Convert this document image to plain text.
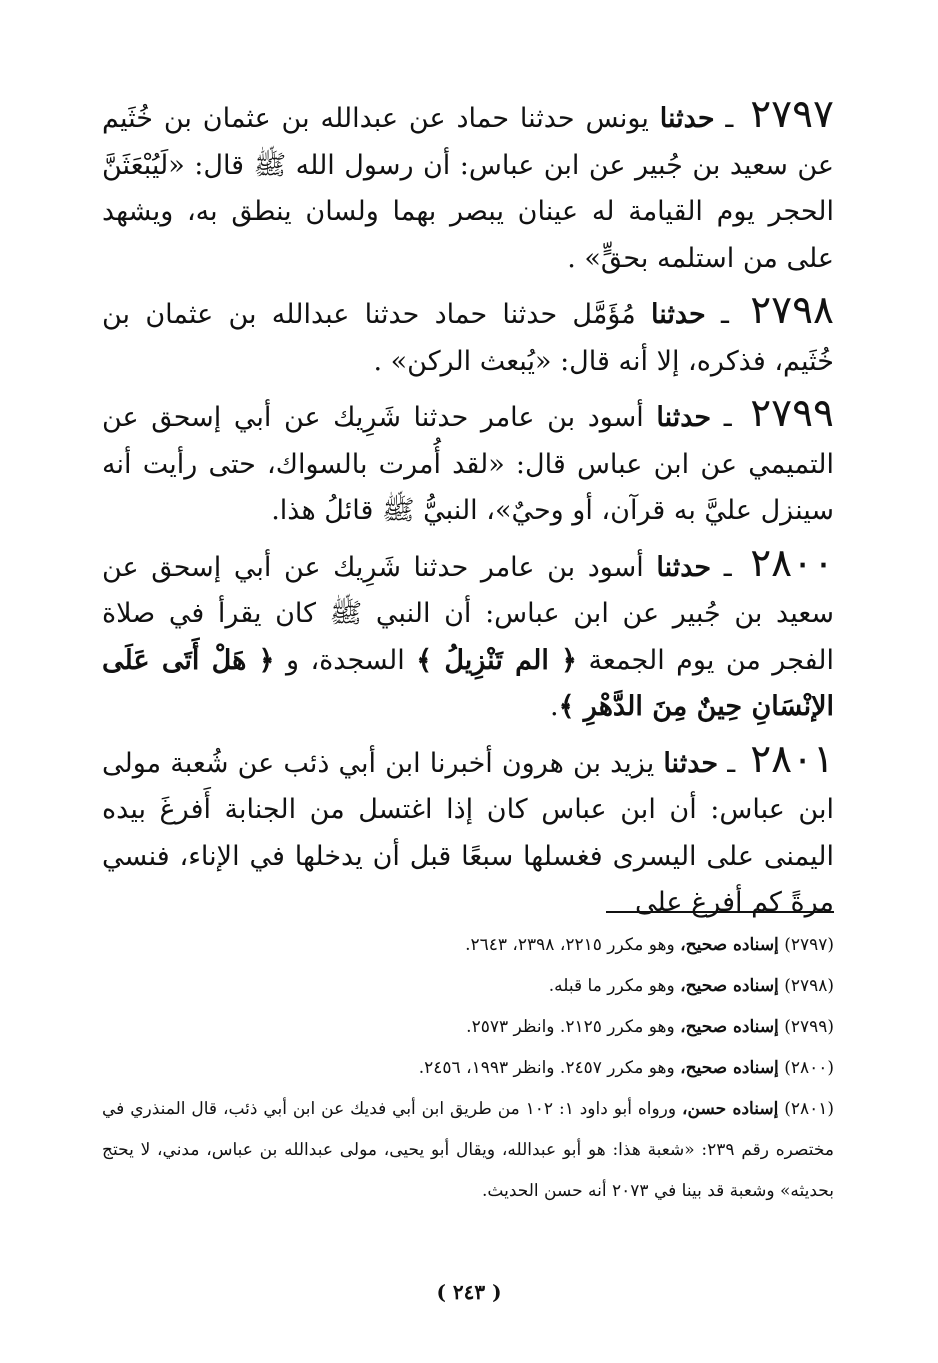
٢٧٩٧ ـ حدثنا يونس حدثنا حماد عن عبدالله بن عثمان بن خُثَيم عن سعيد بن جُبير عن ابن عباس: أن رسول الله ﷺ قال: «لَيُبْعَثَنَّ الحجر يوم القيامة له عينان يبصر بهما ولسان ينطق به، ويشهد على من استلمه بحقٍّ» .

٢٧٩٨ ـ حدثنا مُؤَمَّل حدثنا حماد حدثنا عبدالله بن عثمان بن خُثَيم، فذكره، إلا أنه قال: «يُبعث الركن» .

٢٧٩٩ ـ حدثنا أسود بن عامر حدثنا شَرِيك عن أبي إسحق عن التميمي عن ابن عباس قال: «لقد أُمرت بالسواك، حتى رأيت أنه سينزل عليَّ به قرآن، أو وحيٌ»، النبيُّ ﷺ قائلُ هذا.

٢٨٠٠ ـ حدثنا أسود بن عامر حدثنا شَرِيك عن أبي إسحق عن سعيد بن جُبير عن ابن عباس: أن النبي ﷺ كان يقرأ في صلاة الفجر من يوم الجمعة ﴿ الم تَنْزِيلُ ﴾ السجدة، و ﴿ هَلْ أَتَى عَلَى الإنْسَانِ حِينٌ مِنَ الدَّهْرِ ﴾.

٢٨٠١ ـ حدثنا يزيد بن هرون أخبرنا ابن أبي ذئب عن شُعبة مولى ابن عباس: أن ابن عباس كان إذا اغتسل من الجنابة أَفرغَ بيده اليمنى على اليسرى فغسلها سبعًا قبل أن يدخلها في الإناء، فنسي مرةً كم أفرغ على

(٢٧٩٧) إسناده صحيح، وهو مكرر ٢٢١٥، ٢٣٩٨، ٢٦٤٣.

(٢٧٩٨) إسناده صحيح، وهو مكرر ما قبله.

(٢٧٩٩) إسناده صحيح، وهو مكرر ٢١٢٥. وانظر ٢٥٧٣.

(٢٨٠٠) إسناده صحيح، وهو مكرر ٢٤٥٧. وانظر ١٩٩٣، ٢٤٥٦.

(٢٨٠١) إسناده حسن، ورواه أبو داود ١: ١٠٢ من طريق ابن أبي فديك عن ابن أبي ذئب، قال المنذري في مختصره رقم ٢٣٩: «شعبة هذا: هو أبو عبدالله، ويقال أبو يحيى، مولى عبدالله بن عباس، مدني، لا يحتج بحديثه» وشعبة قد بينا في ٢٠٧٣ أنه حسن الحديث.

( ٢٤٣ )
